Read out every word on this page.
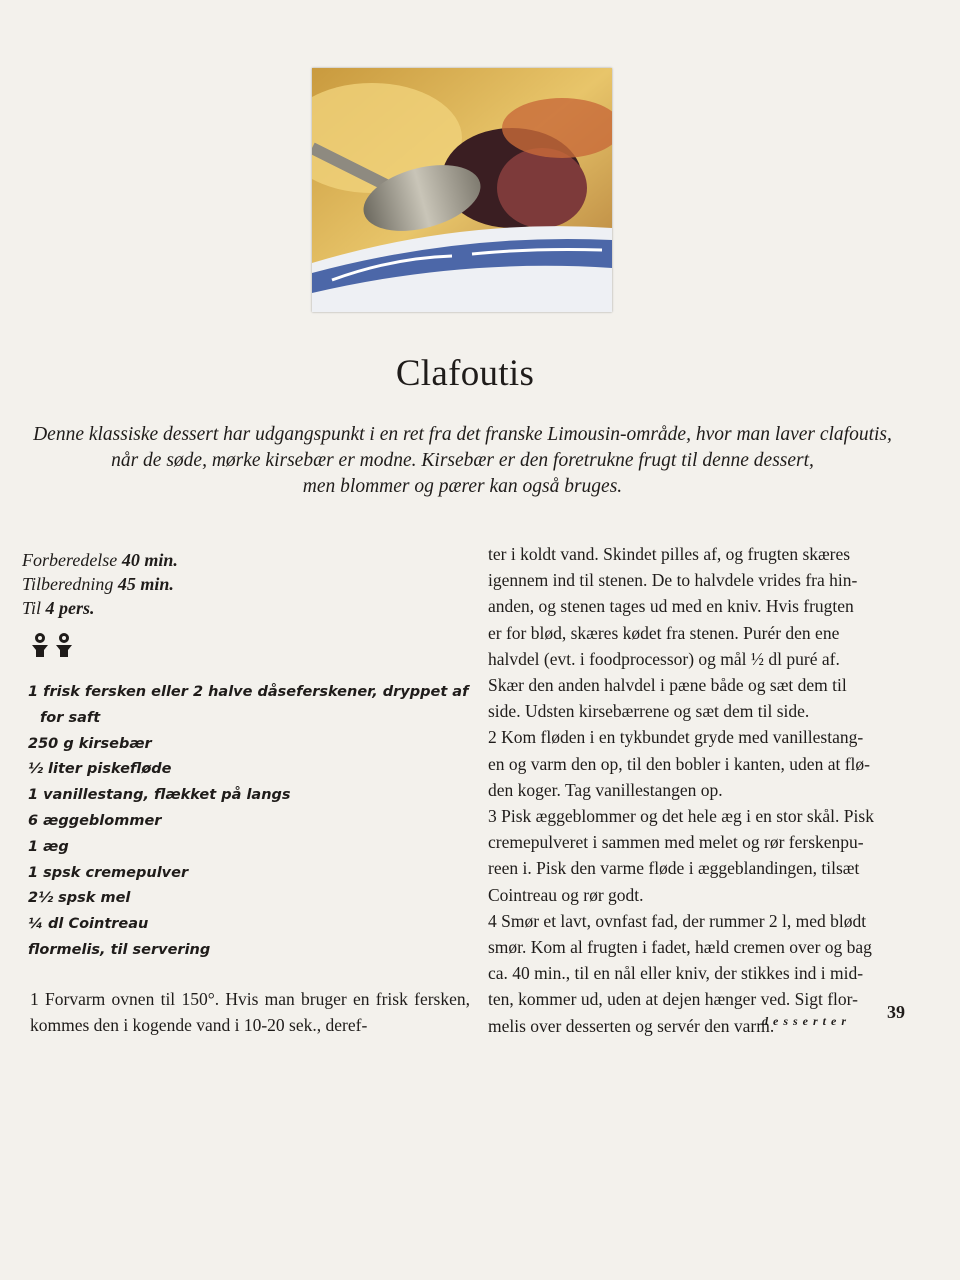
Clafoutis
Denne klassiske dessert har udgangspunkt i en ret fra det franske Limousin-område, hvor man laver clafoutis,
når de søde, mørke kirsebær er modne. Kirsebær er den foretrukne frugt til denne dessert,
men blommer og pærer kan også bruges.
Forberedelse 40 min.
Tilberedning 45 min.
Til 4 pers.
1 frisk fersken eller 2 halve dåseferskener, dryppet af
for saft
250 g kirsebær
½ liter piskefløde
1 vanillestang, flækket på langs
6 æggeblommer
1 æg
1 spsk cremepulver
2½ spsk mel
¼ dl Cointreau
flormelis, til servering
1 Forvarm ovnen til 150°. Hvis man bruger en frisk fersken, kommes den i kogende vand i 10-20 sek., deref-
ter i koldt vand. Skindet pilles af, og frugten skæres
igennem ind til stenen. De to halvdele vrides fra hin-
anden, og stenen tages ud med en kniv. Hvis frugten
er for blød, skæres kødet fra stenen. Purér den ene
halvdel (evt. i foodprocessor) og mål ½ dl puré af.
Skær den anden halvdel i pæne både og sæt dem til
side. Udsten kirsebærrene og sæt dem til side.
2 Kom fløden i en tykbundet gryde med vanillestang-
en og varm den op, til den bobler i kanten, uden at flø-
den koger. Tag vanillestangen op.
3 Pisk æggeblommer og det hele æg i en stor skål. Pisk
cremepulveret i sammen med melet og rør ferskenpu-
reen i. Pisk den varme fløde i æggeblandingen, tilsæt
Cointreau og rør godt.
4 Smør et lavt, ovnfast fad, der rummer 2 l, med blødt
smør. Kom al frugten i fadet, hæld cremen over og bag
ca. 40 min., til en nål eller kniv, der stikkes ind i mid-
ten, kommer ud, uden at dejen hænger ved. Sigt flor-
melis over desserten og servér den varm.
desserter 39
